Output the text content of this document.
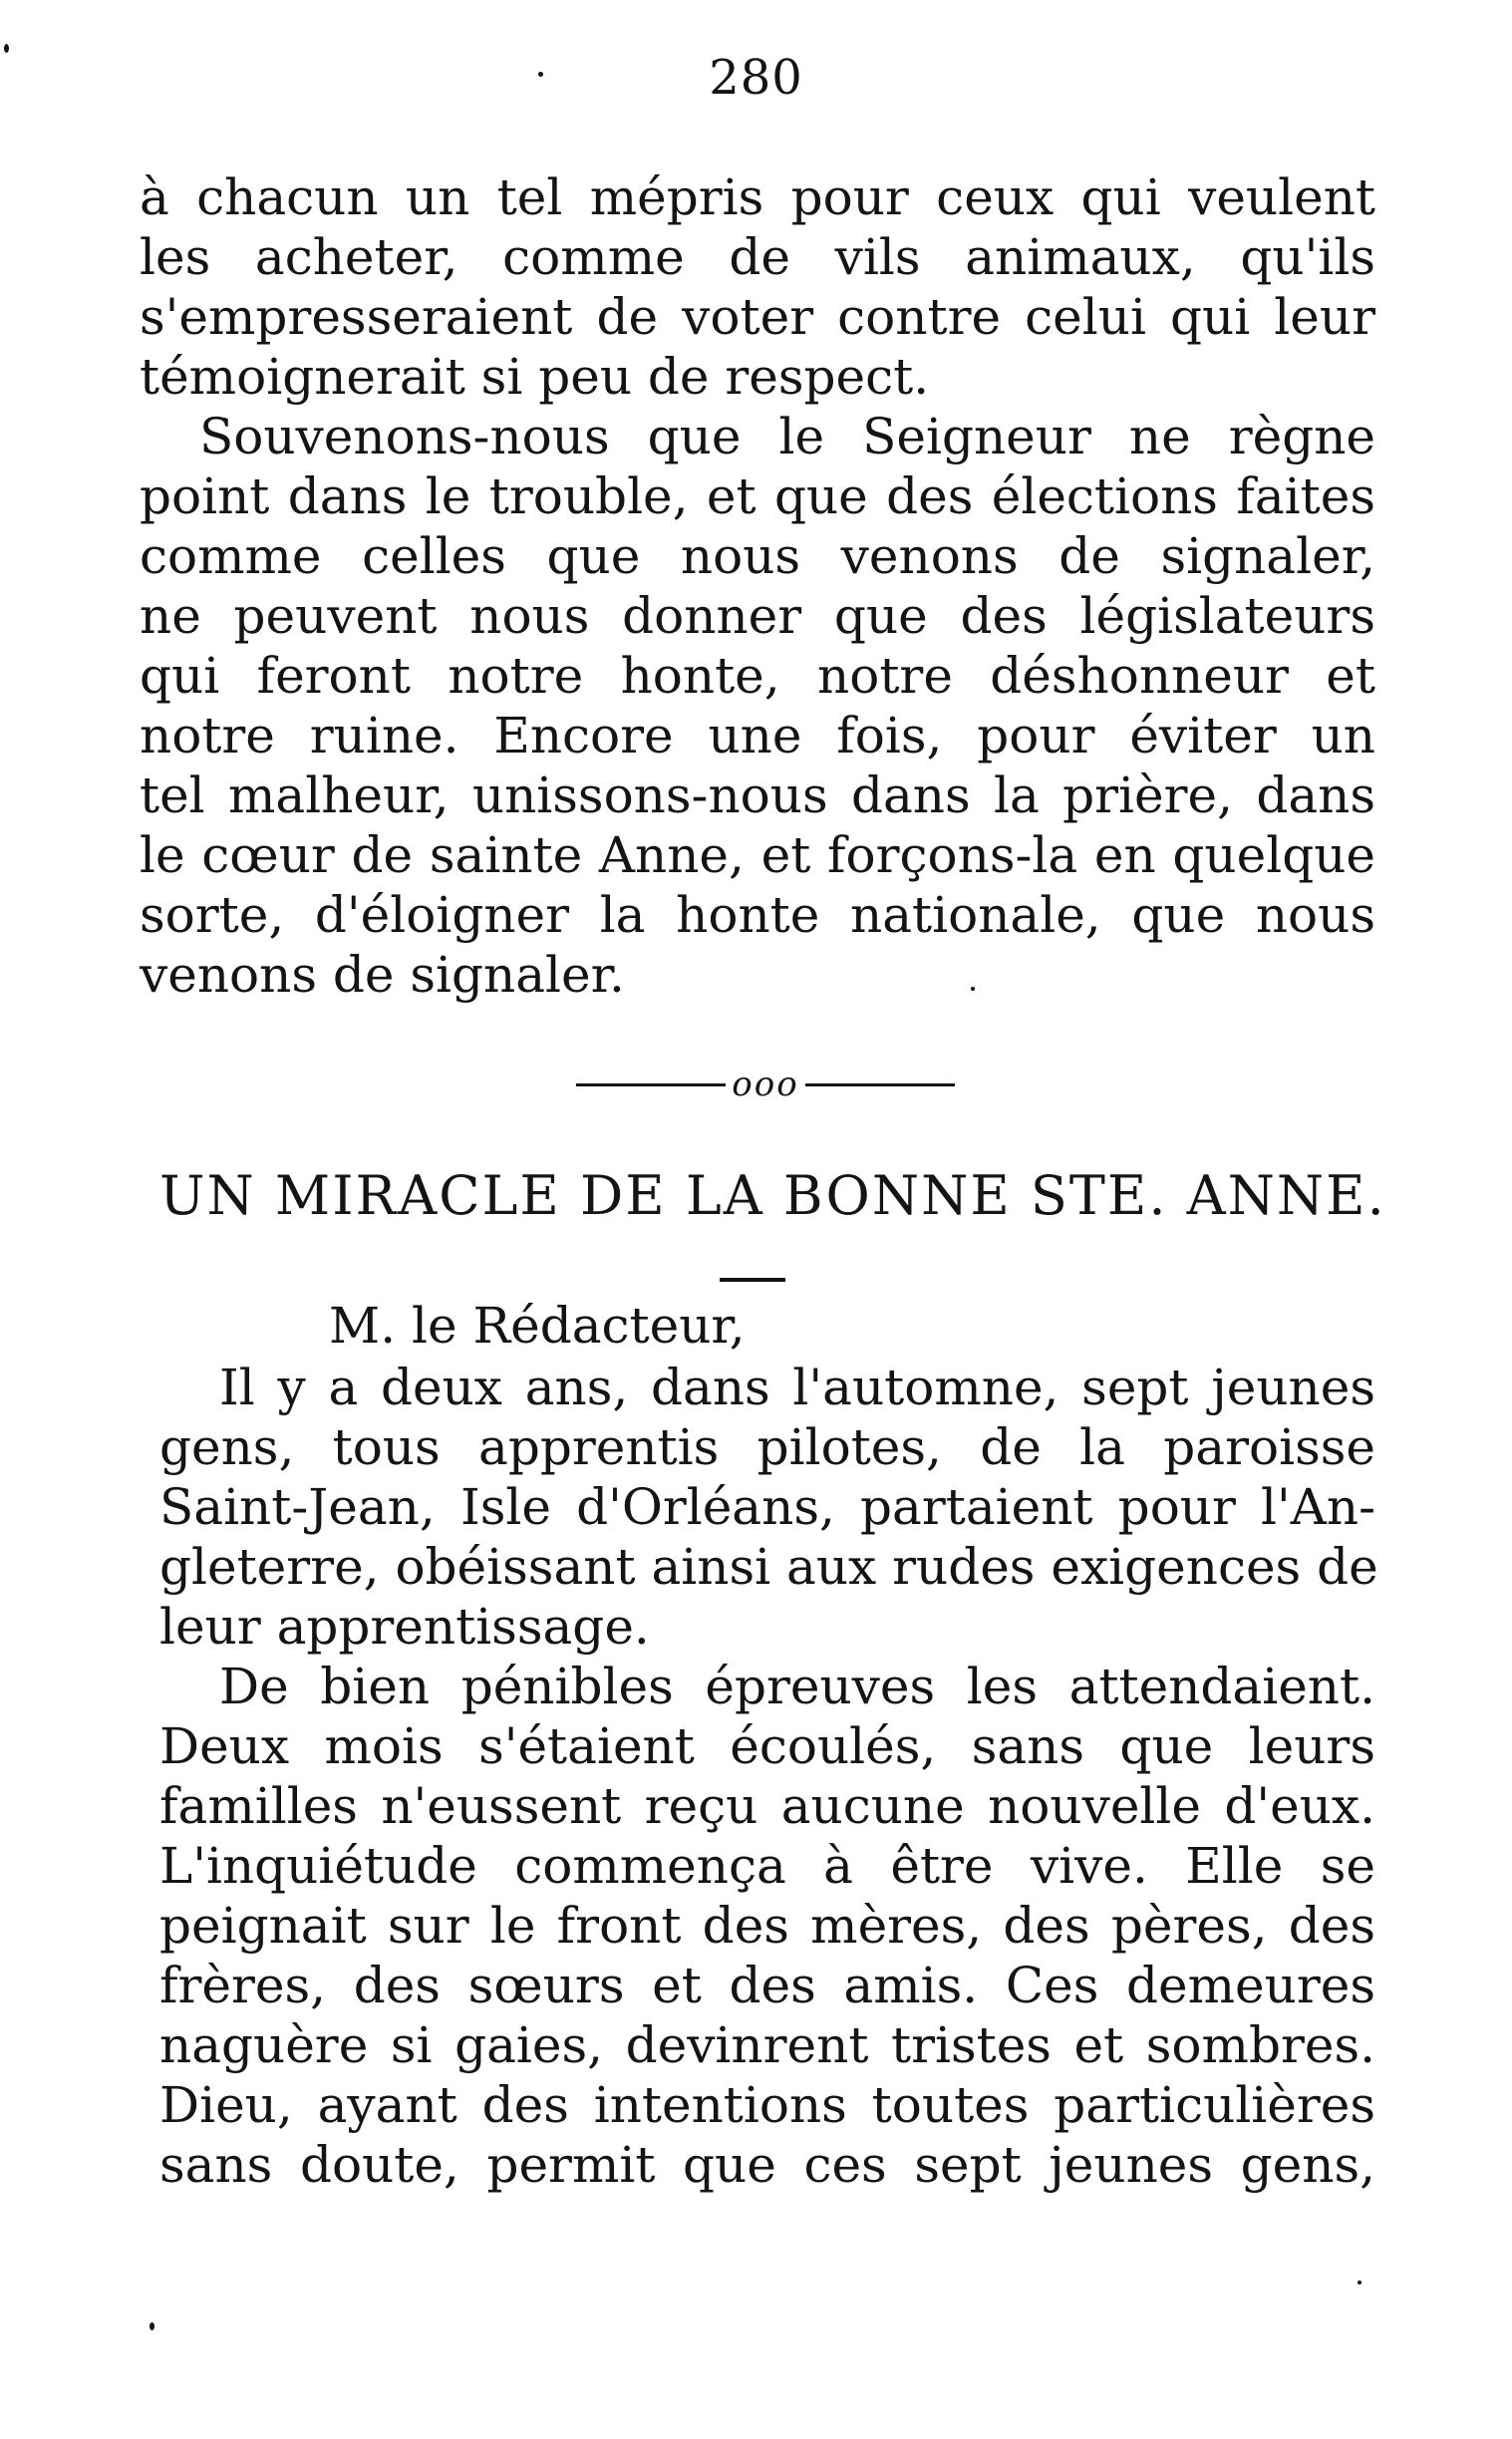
280
à chacun un tel mépris pour ceux qui veulent
les acheter, comme de vils animaux, qu'ils
s'empresseraient de voter contre celui qui leur
témoignerait si peu de respect.
Souvenons-nous que le Seigneur ne règne
point dans le trouble, et que des élections faites
comme celles que nous venons de signaler,
ne peuvent nous donner que des législateurs
qui feront notre honte, notre déshonneur et
notre ruine. Encore une fois, pour éviter un
tel malheur, unissons-nous dans la prière, dans
le cœur de sainte Anne, et forçons-la en quelque
sorte, d'éloigner la honte nationale, que nous
venons de signaler.
ooo
UN MIRACLE DE LA BONNE STE. ANNE.
M. le Rédacteur,
Il y a deux ans, dans l'automne, sept jeunes
gens, tous apprentis pilotes, de la paroisse
Saint-Jean, Isle d'Orléans, partaient pour l'An-
gleterre, obéissant ainsi aux rudes exigences de
leur apprentissage.
De bien pénibles épreuves les attendaient.
Deux mois s'étaient écoulés, sans que leurs
familles n'eussent reçu aucune nouvelle d'eux.
L'inquiétude commença à être vive. Elle se
peignait sur le front des mères, des pères, des
frères, des sœurs et des amis. Ces demeures
naguère si gaies, devinrent tristes et sombres.
Dieu, ayant des intentions toutes particulières
sans doute, permit que ces sept jeunes gens,
